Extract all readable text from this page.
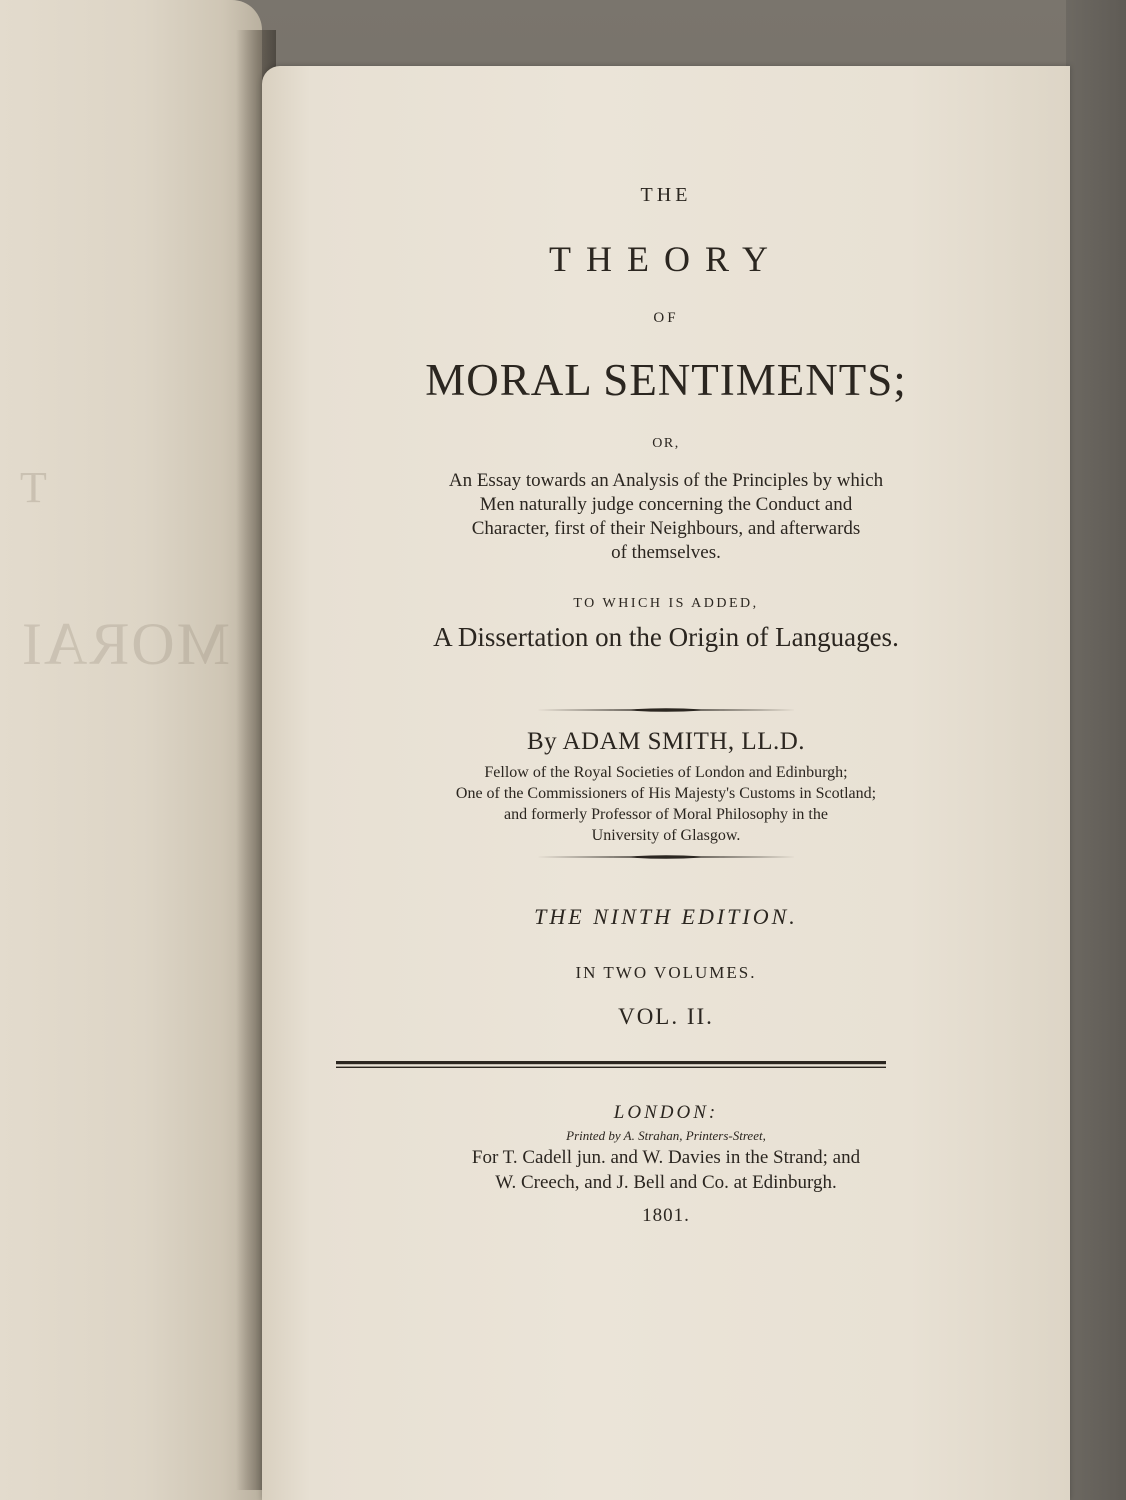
T
MORAI
THE
THEORY
OF
MORAL SENTIMENTS;
OR,
An Essay towards an Analysis of the Principles by which
Men naturally judge concerning the Conduct and
Character, first of their Neighbours, and afterwards
of themselves.
TO WHICH IS ADDED,
A Dissertation on the Origin of Languages.
By ADAM SMITH, LL.D.
Fellow of the Royal Societies of London and Edinburgh;
One of the Commissioners of His Majesty's Customs in Scotland;
and formerly Professor of Moral Philosophy in the
University of Glasgow.
THE NINTH EDITION.
IN TWO VOLUMES.
VOL. II.
LONDON:
Printed by A. Strahan, Printers-Street,
For T. Cadell jun. and W. Davies in the Strand; and
W. Creech, and J. Bell and Co. at Edinburgh.
1801.
